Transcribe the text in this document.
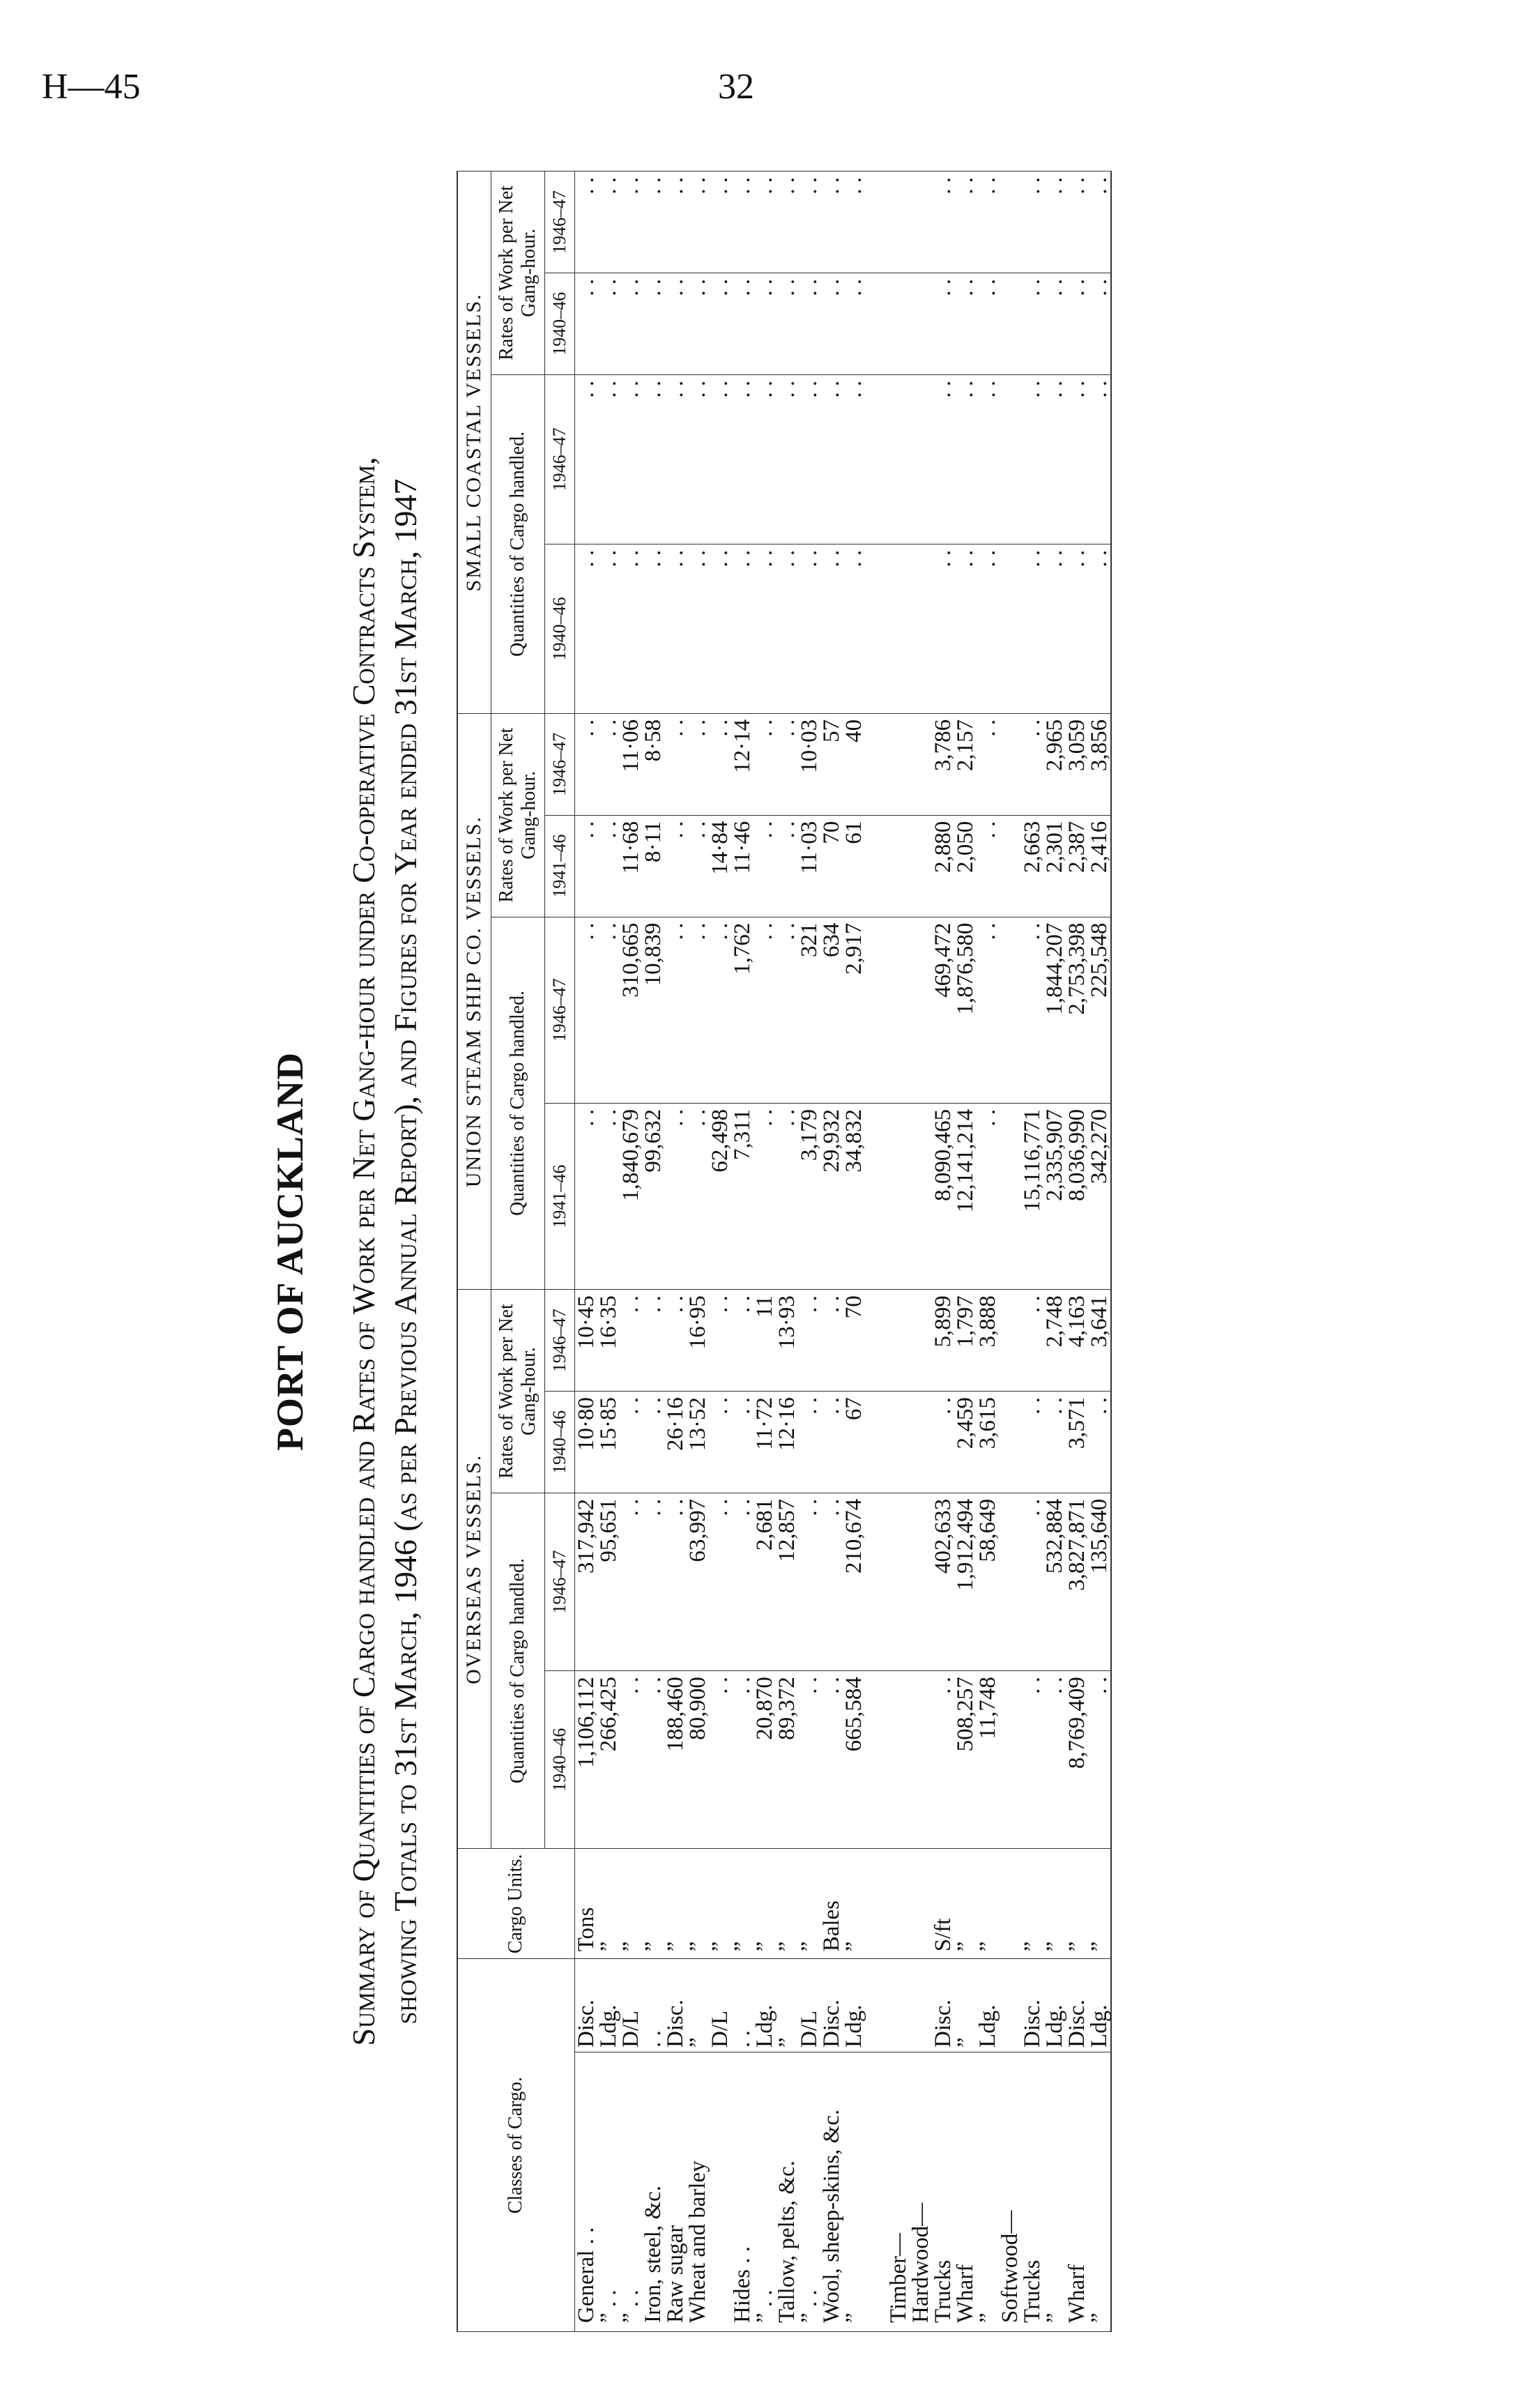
H—45	32
PORT OF AUCKLAND Summary of Quantities of Cargo handled and Rates of Work per Net Gang-hour under Co-operative Contracts System, showing Totals to 31st March, 1946 (as per Previous Annual Report), and Figures for Year ended 31st March, 1947
Classes of Cargo.		Cargo Units.	OVERSEAS VESSELS.				UNION STEAM SHIP CO. VESSELS.				SMALL COASTAL VESSELS.			
			Quantities of Cargo handled.		Rates of Work per Net Gang-hour.		Quantities of Cargo handled.		Rates of Work per Net Gang-hour.		Quantities of Cargo handled.		Rates of Work per Net Gang-hour.	
			1940–46	1946–47	1940–46	1946–47	1941–46	1946–47	1941–46	1946–47	1940–46	1946–47	1940–46	1946–47
General . .	Disc.	Tons	1,106,112	317,942	10·80	10·45	. .	. .	. .	. .	. .	. .	. .	. .
” . .	Ldg.	”	266,425	95,651	15·85	16·35	. .	. .	. .	. .	. .	. .	. .	. .
” . .	D/L	”	. .	. .	. .	. .	1,840,679	310,665	11·68	11·06	. .	. .	. .	. .
Iron, steel, &c.	. .	”	. .	. .	. .	. .	99,632	10,839	8·11	8·58	. .	. .	. .	. .
Raw sugar	Disc.	”	188,460	. .	26·16	. .	. .	. .	. .	. .	. .	. .	. .	. .
Wheat and barley	”	”	80,900	63,997	13·52	16·95	. .	. .	. .	. .	. .	. .	. .	. .
	D/L	”	. .	. .	. .	. .	62,498	. .	14·84	. .	. .	. .	. .	. .
Hides . .	. .	”	. .	. .	. .	. .	7,311	1,762	11·46	12·14	. .	. .	. .	. .
” . .	Ldg.	”	20,870	2,681	11·72	11	. .	. .	. .	. .	. .	. .	. .	. .
Tallow, pelts, &c.	”	”	89,372	12,857	12·16	13·93	. .	. .	. .	. .	. .	. .	. .	. .
” . .	D/L	”	. .	. .	. .	. .	3,179	321	11·03	10·03	. .	. .	. .	. .
Wool, sheep-skins, &c.	Disc.	Bales	. .	. .	. .	. .	29,932	634	70	57	. .	. .	. .	. .
”	Ldg.	”	665,584	210,674	67	70	34,832	2,917	61	40	. .	. .	. .	. .

Timber—														
Hardwood—														
Trucks	Disc.	S/ft	. .	402,633	. .	5,899	8,090,465	469,472	2,880	3,786	. .	. .	. .	. .
Wharf	”	”	508,257	1,912,494	2,459	1,797	12,141,214	1,876,580	2,050	2,157	. .	. .	. .	. .
”	Ldg.	”	11,748	58,649	3,615	3,888	. .	. .	. .	. .	. .	. .	. .	. .
Softwood—														
Trucks	Disc.	”	. .	. .	. .	. .	15,116,771	. .	2,663	. .	. .	. .	. .	. .
”	Ldg.	”	. .	532,884	. .	2,748	2,335,907	1,844,207	2,301	2,965	. .	. .	. .	. .
Wharf	Disc.	”	8,769,409	3,827,871	3,571	4,163	8,036,990	2,753,398	2,387	3,059	. .	. .	. .	. .
”	Ldg.	”	. .	135,640	. .	3,641	342,270	225,548	2,416	3,856	. .	. .	. .	. .
